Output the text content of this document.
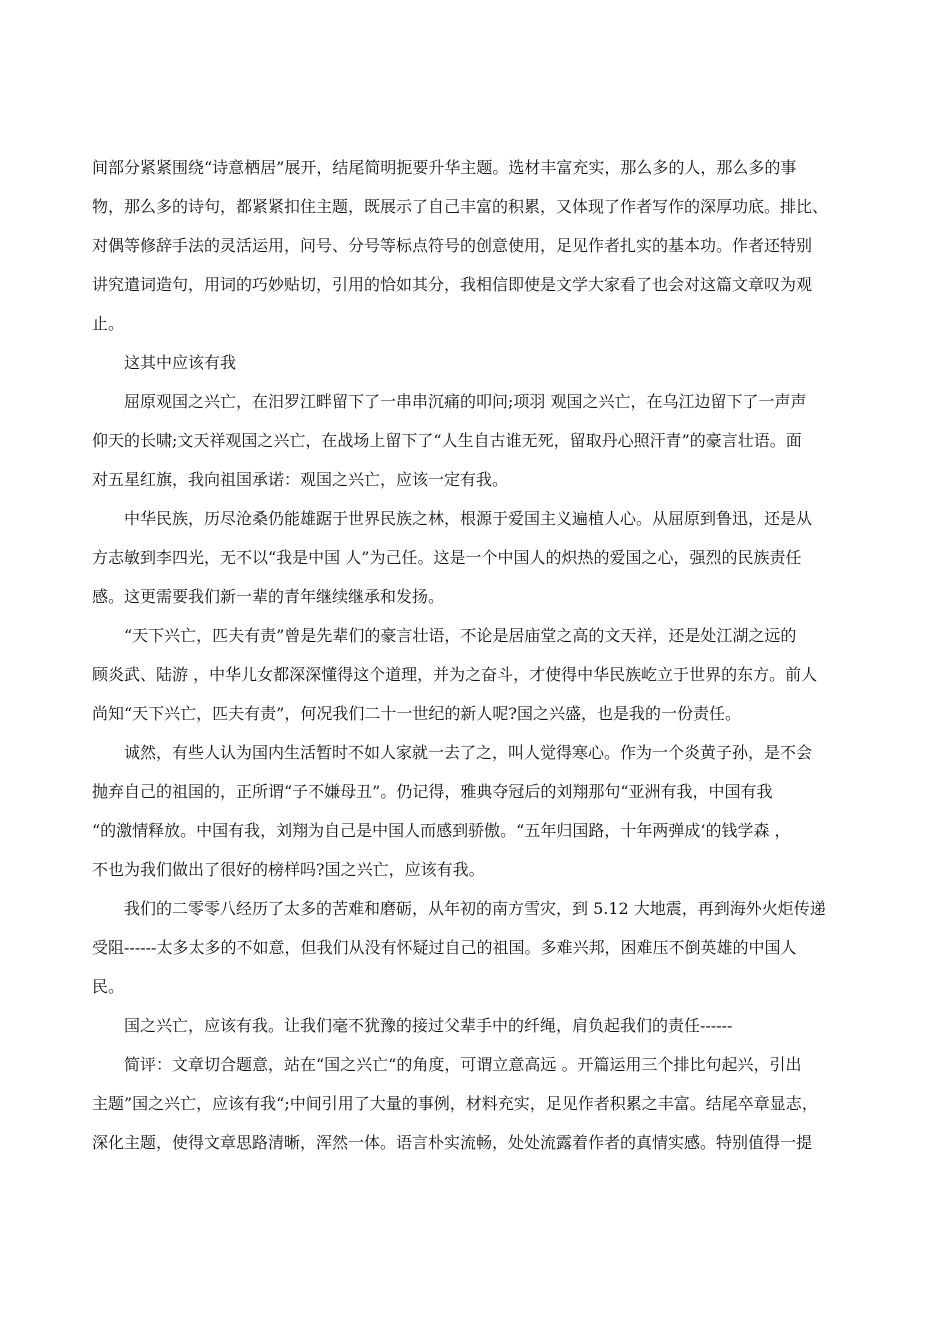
间部分紧紧围绕“诗意栖居”展开，结尾简明扼要升华主题。选材丰富充实，那么多的人，那么多的事

物，那么多的诗句，都紧紧扣住主题，既展示了自己丰富的积累，又体现了作者写作的深厚功底。排比、

对偶等修辞手法的灵活运用，问号、分号等标点符号的创意使用，足见作者扎实的基本功。作者还特别

讲究遣词造句，用词的巧妙贴切，引用的恰如其分，我相信即使是文学大家看了也会对这篇文章叹为观

止。

这其中应该有我

屈原观国之兴亡，在汨罗江畔留下了一串串沉痛的叩问;项羽 观国之兴亡，在乌江边留下了一声声

仰天的长啸;文天祥观国之兴亡，在战场上留下了“人生自古谁无死，留取丹心照汗青”的豪言壮语。面

对五星红旗，我向祖国承诺：观国之兴亡，应该一定有我。

中华民族，历尽沧桑仍能雄踞于世界民族之林，根源于爱国主义遍植人心。从屈原到鲁迅，还是从

方志敏到李四光，无不以“我是中国 人”为己任。这是一个中国人的炽热的爱国之心，强烈的民族责任

感。这更需要我们新一辈的青年继续继承和发扬。

“天下兴亡，匹夫有责”曾是先辈们的豪言壮语，不论是居庙堂之高的文天祥，还是处江湖之远的

顾炎武、陆游 ，中华儿女都深深懂得这个道理，并为之奋斗，才使得中华民族屹立于世界的东方。前人

尚知“天下兴亡，匹夫有责”，何况我们二十一世纪的新人呢?国之兴盛，也是我的一份责任。

诚然，有些人认为国内生活暂时不如人家就一去了之，叫人觉得寒心。作为一个炎黄子孙，是不会

抛弃自己的祖国的，正所谓“子不嫌母丑”。仍记得，雅典夺冠后的刘翔那句“亚洲有我，中国有我

“的激情释放。中国有我，刘翔为自己是中国人而感到骄傲。“五年归国路，十年两弹成‘的钱学森 ，

不也为我们做出了很好的榜样吗?国之兴亡，应该有我。

我们的二零零八经历了太多的苦难和磨砺，从年初的南方雪灾，到 5.12 大地震，再到海外火炬传递

受阻------太多太多的不如意，但我们从没有怀疑过自己的祖国。多难兴邦，困难压不倒英雄的中国人

民。

国之兴亡，应该有我。让我们毫不犹豫的接过父辈手中的纤绳，肩负起我们的责任------

简评：文章切合题意，站在“国之兴亡“的角度，可谓立意高远 。开篇运用三个排比句起兴，引出

主题”国之兴亡，应该有我“;中间引用了大量的事例，材料充实，足见作者积累之丰富。结尾卒章显志，

深化主题，使得文章思路清晰，浑然一体。语言朴实流畅，处处流露着作者的真情实感。特别值得一提
